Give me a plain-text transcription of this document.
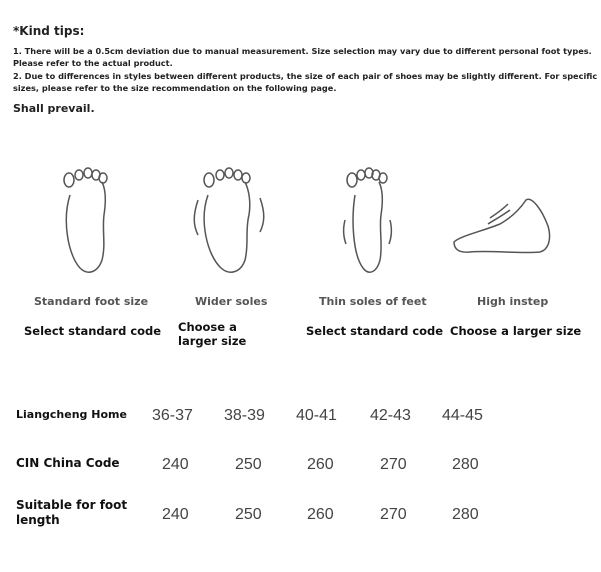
*Kind tips:
1. There will be a 0.5cm deviation due to manual measurement. Size selection may vary due to different personal foot types. Please refer to the actual product.
2. Due to differences in styles between different products, the size of each pair of shoes may be slightly different. For specific sizes, please refer to the size recommendation on the following page.
Shall prevail.
Standard foot size	Wider soles	Thin soles of feet	High instep
Select standard code Choose a larger size
Select standard code Choose a larger size
Liangcheng Home 36-37 38-39 40-41 42-43 44-45
CIN China Code	240	250	260	270	280
Suitable for foot length	240	250	260	270	280
